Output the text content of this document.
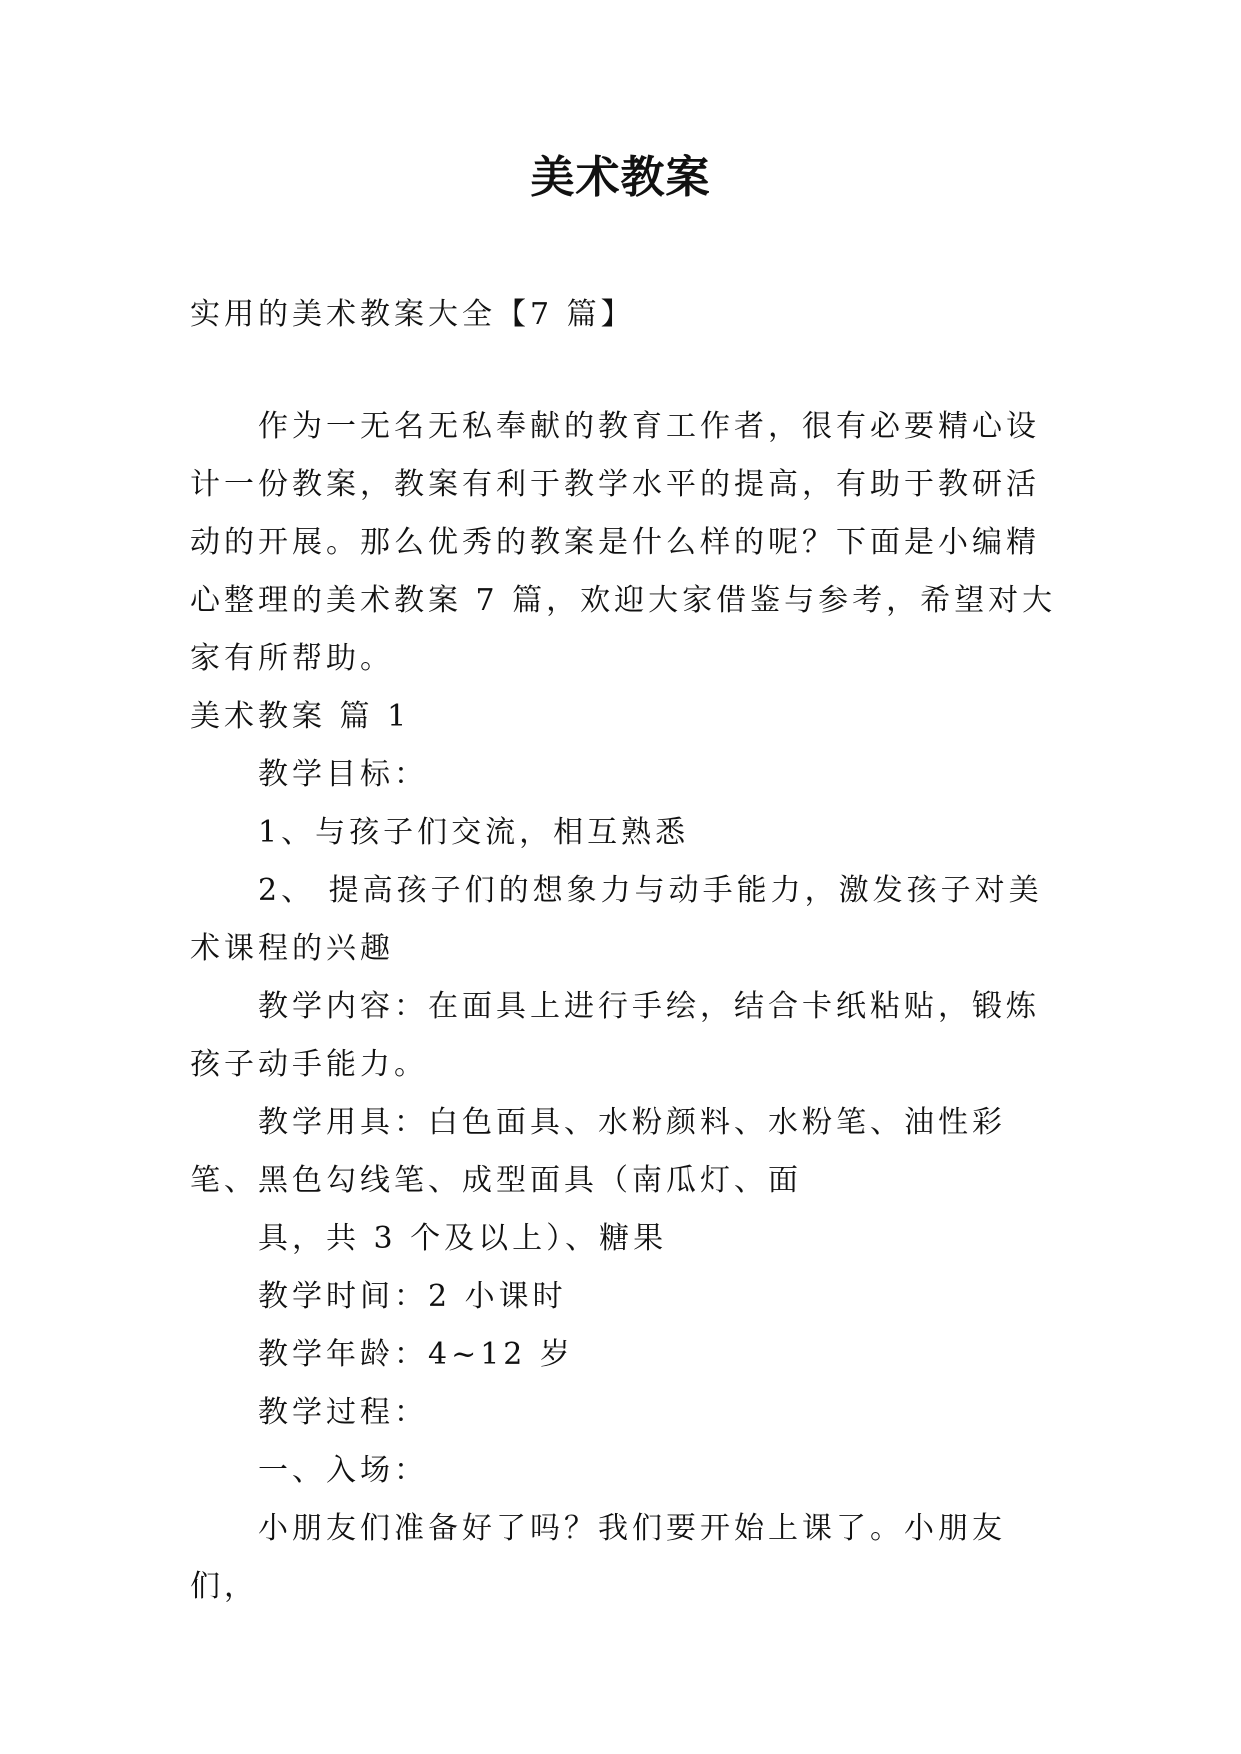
美术教案
实用的美术教案大全【7 篇】

作为一无名无私奉献的教育工作者，很有必要精心设计一份教案，教案有利于教学水平的提高，有助于教研活动的开展。那么优秀的教案是什么样的呢？下面是小编精心整理的美术教案 7 篇，欢迎大家借鉴与参考，希望对大家有所帮助。

美术教案 篇 1

教学目标：

1、与孩子们交流，相互熟悉

2、 提高孩子们的想象力与动手能力，激发孩子对美术课程的兴趣

教学内容：在面具上进行手绘，结合卡纸粘贴，锻炼孩子动手能力。

教学用具：白色面具、水粉颜料、水粉笔、油性彩笔、黑色勾线笔、成型面具（南瓜灯、面

具，共 3 个及以上）、糖果

教学时间：2 小课时

教学年龄：4~12 岁

教学过程：

一、入场：

小朋友们准备好了吗？我们要开始上课了。小朋友们，
